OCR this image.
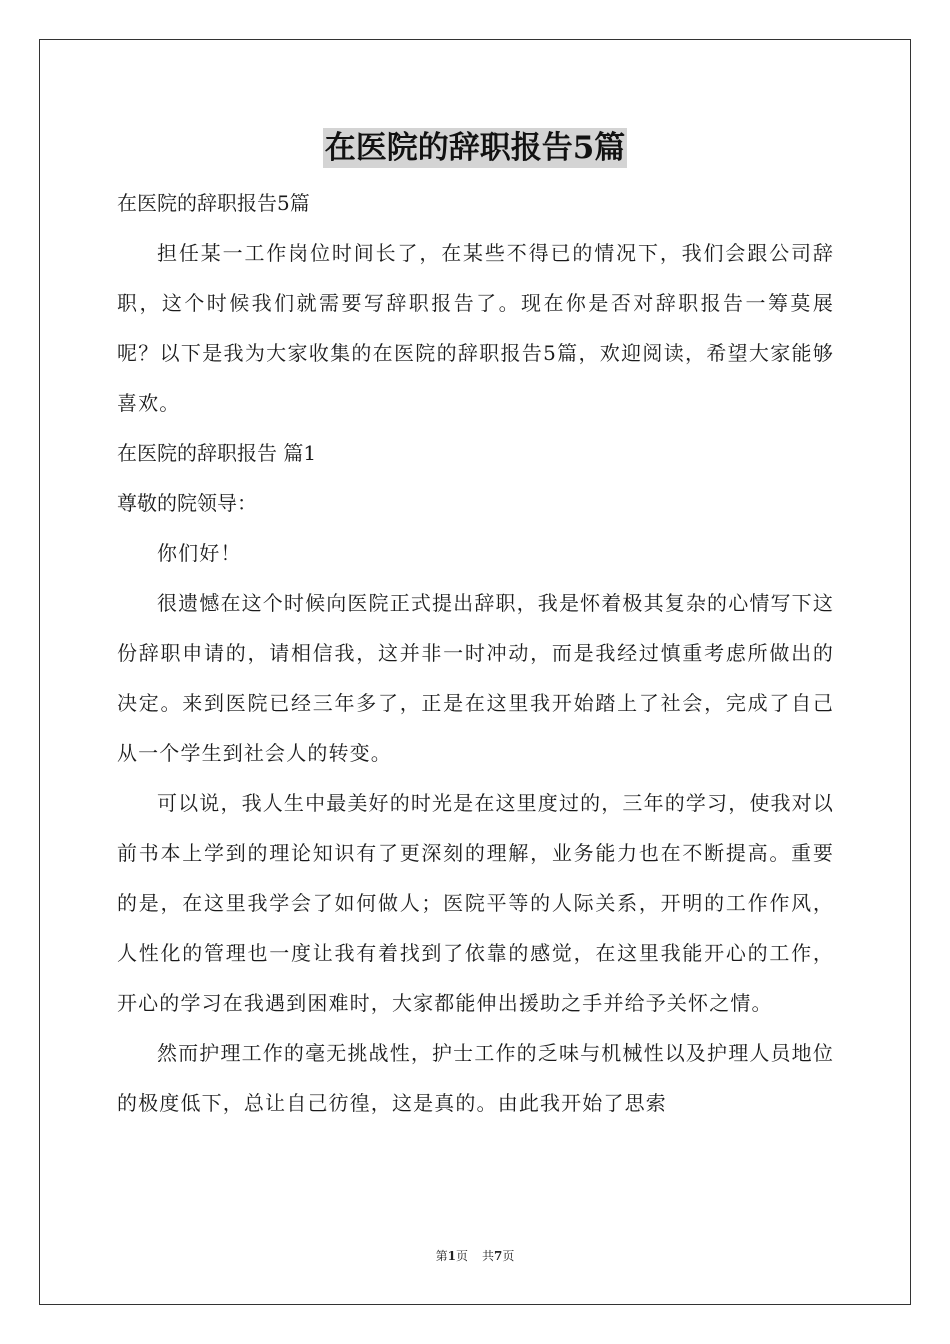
在医院的辞职报告5篇
在医院的辞职报告5篇

担任某一工作岗位时间长了，在某些不得已的情况下，我们会跟公司辞职，这个时候我们就需要写辞职报告了。现在你是否对辞职报告一筹莫展呢？以下是我为大家收集的在医院的辞职报告5篇，欢迎阅读，希望大家能够喜欢。

在医院的辞职报告 篇1
尊敬的院领导：

你们好！

很遗憾在这个时候向医院正式提出辞职，我是怀着极其复杂的心情写下这份辞职申请的，请相信我，这并非一时冲动，而是我经过慎重考虑所做出的决定。来到医院已经三年多了，正是在这里我开始踏上了社会，完成了自己从一个学生到社会人的转变。

可以说，我人生中最美好的时光是在这里度过的，三年的学习，使我对以前书本上学到的理论知识有了更深刻的理解，业务能力也在不断提高。重要的是，在这里我学会了如何做人；医院平等的人际关系，开明的工作作风，人性化的管理也一度让我有着找到了依靠的感觉，在这里我能开心的工作，开心的学习在我遇到困难时，大家都能伸出援助之手并给予关怀之情。

然而护理工作的毫无挑战性，护士工作的乏味与机械性以及护理人员地位的极度低下，总让自己彷徨，这是真的。由此我开始了思索

第1页 共7页
